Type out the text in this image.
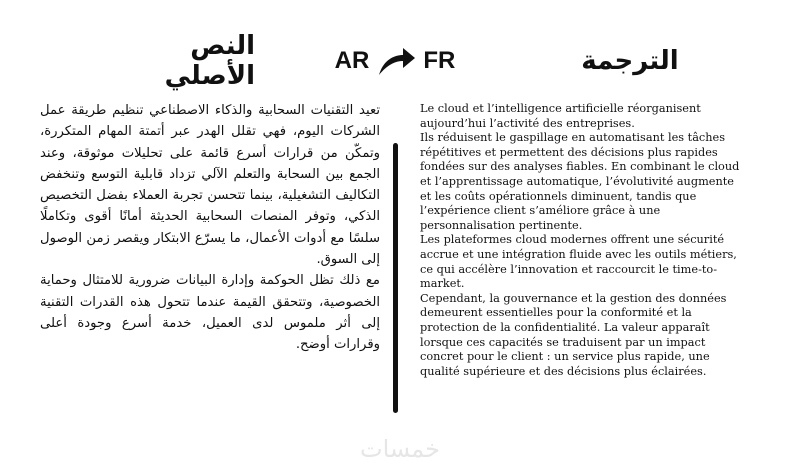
النص الأصلي
AR FR	الترجمة

تعيد التقنيات السحابية والذكاء الاصطناعي تنظيم طريقة عمل الشركات اليوم، فهي تقلل الهدر عبر أتمتة المهام المتكررة، وتمكّن من قرارات أسرع قائمة على تحليلات موثوقة، وعند الجمع بين السحابة والتعلم الآلي تزداد قابلية التوسع وتنخفض التكاليف التشغيلية، بينما تتحسن تجربة العملاء بفضل التخصيص الذكي، وتوفر المنصات السحابية الحديثة أمانًا أقوى وتكاملًا سلسًا مع أدوات الأعمال، ما يسرّع الابتكار ويقصر زمن الوصول إلى السوق.

مع ذلك تظل الحوكمة وإدارة البيانات ضرورية للامتثال وحماية الخصوصية، وتتحقق القيمة عندما تتحول هذه القدرات التقنية إلى أثر ملموس لدى العميل، خدمة أسرع وجودة أعلى وقرارات أوضح.

Le cloud et l’intelligence artificielle réorganisent aujourd’hui l’activité des entreprises.

Ils réduisent le gaspillage en automatisant les tâches répétitives et permettent des décisions plus rapides fondées sur des analyses fiables. En combinant le cloud et l’apprentissage automatique, l’évolutivité augmente et les coûts opérationnels diminuent, tandis que l’expérience client s’améliore grâce à une personnalisation pertinente.

Les plateformes cloud modernes offrent une sécurité accrue et une intégration fluide avec les outils métiers, ce qui accélère l’innovation et raccourcit le time-to-market.

Cependant, la gouvernance et la gestion des données demeurent essentielles pour la conformité et la protection de la confidentialité. La valeur apparaît lorsque ces capacités se traduisent par un impact concret pour le client : un service plus rapide, une qualité supérieure et des décisions plus éclairées.

خمسات
